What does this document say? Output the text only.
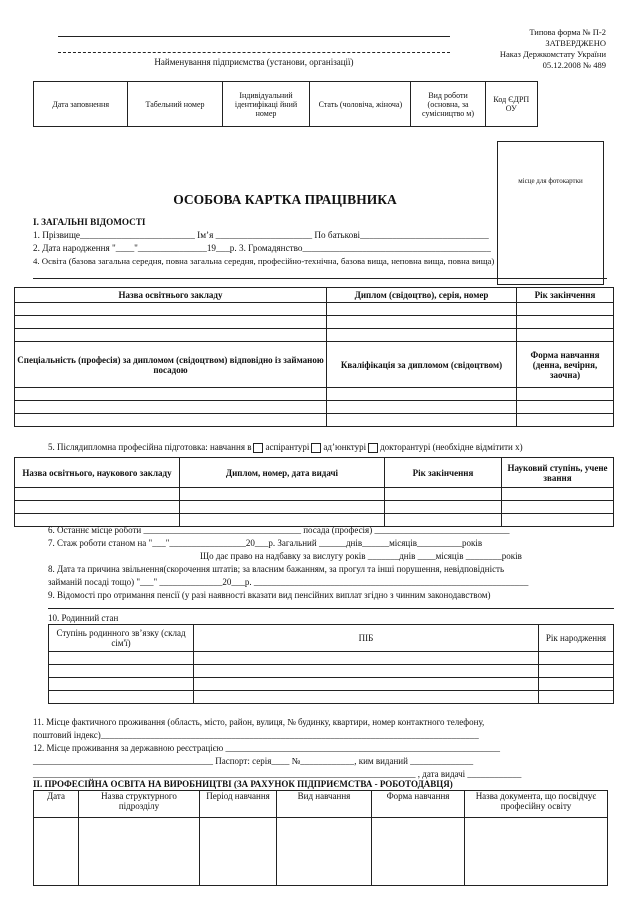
Типова форма № П-2
ЗАТВЕРДЖЕНО
Наказ Держкомстату України
05.12.2008 № 489
Найменування підприємства (установи, організації)
Дата заповнення	Табельний номер	Індивідуальний ідентифікаці йний номер	Стать (чоловіча, жіноча)	Вид роботи (основна, за сумісництво м)	Код ЄДРП ОУ	
місце для фотокартки
ОСОБОВА КАРТКА ПРАЦІВНИКА
І. ЗАГАЛЬНІ ВІДОМОСТІ
1. Прізвище_________________________ Ім’я _____________________ По батькові____________________________
2. Дата народження "____"_______________19___р. 3. Громадянство_________________________________________
4. Освіта (базова загальна середня, повна загальна середня, професійно-технічна, базова вища, неповна вища, повна вища)
Назва освітнього закладу	Диплом (свідоцтво), серія, номер	Рік закінчення

Спеціальність (професія) за дипломом (свідоцтвом) відповідно із займаною посадою	Кваліфікація за дипломом (свідоцтвом)	Форма навчання (денна, вечірня, заочна)

5. Післядипломна професійна підготовка: навчання в аспірантурі ад’юнктурі докторантурі (необхідне відмітити х)
Назва освітнього, наукового закладу	Диплом, номер, дата видачі	Рік закінчення	Науковий ступінь, учене звання

6. Останнє місце роботи ___________________________________ посада (професія) ______________________________
7. Стаж роботи станом на "___"_________________20___р. Загальний ______днів______місяців__________років
Що дає право на надбавку за вислугу років _______днів ____місяців ________років
8. Дата та причина звільнення(скорочення штатів; за власним бажанням, за прогул та інші порушення, невідповідність
займаній посаді тощо) "___" ______________20___р. _____________________________________________________________
9. Відомості про отримання пенсії (у разі наявності вказати вид пенсійних виплат згідно з чинним законодавством)
10. Родинний стан
Ступінь родинного зв’язку (склад сім'ї)	ПІБ	Рік народження

11. Місце фактичного проживання (область, місто, район, вулиця, № будинку, квартири, номер контактного телефону,
поштовий індекс)____________________________________________________________________________________
12. Місце проживання за державною реєстрацією _____________________________________________________________
________________________________________ Паспорт: серія____ №____________, ким виданий ______________
_____________________________________________________________________________________ , дата видачі ____________
ІІ. ПРОФЕСІЙНА ОСВІТА НА ВИРОБНИЦТВІ (ЗА РАХУНОК ПІДПРИЄМСТВА - РОБОТОДАВЦЯ)
Дата	Назва структурного підрозділу	Період навчання	Вид навчання	Форма навчання	Назва документа, що посвідчує професійну освіту
